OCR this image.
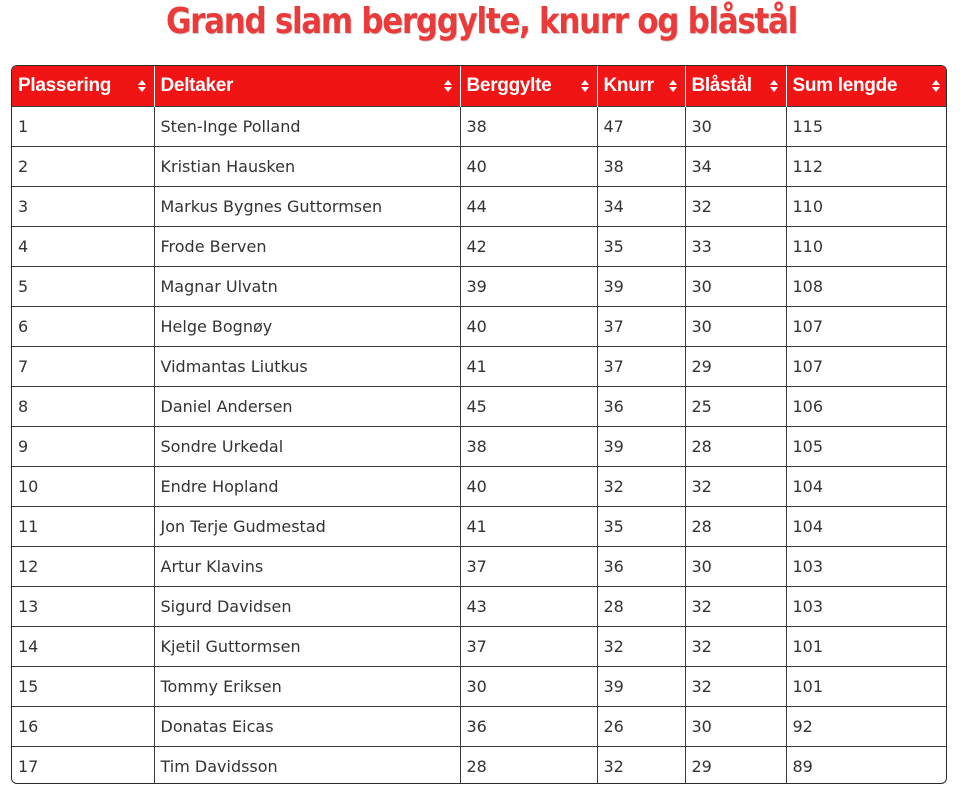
Grand slam berggylte, knurr og blåstål
Plassering	Deltaker	Berggylte	Knurr	Blåstål	Sum lengde

1	Sten-Inge Polland	38	47	30	115
2	Kristian Hausken	40	38	34	112
3	Markus Bygnes Guttormsen	44	34	32	110
4	Frode Berven	42	35	33	110
5	Magnar Ulvatn	39	39	30	108
6	Helge Bognøy	40	37	30	107
7	Vidmantas Liutkus	41	37	29	107
8	Daniel Andersen	45	36	25	106
9	Sondre Urkedal	38	39	28	105
10	Endre Hopland	40	32	32	104
11	Jon Terje Gudmestad	41	35	28	104
12	Artur Klavins	37	36	30	103
13	Sigurd Davidsen	43	28	32	103
14	Kjetil Guttormsen	37	32	32	101
15	Tommy Eriksen	30	39	32	101
16	Donatas Eicas	36	26	30	92
17	Tim Davidsson	28	32	29	89
